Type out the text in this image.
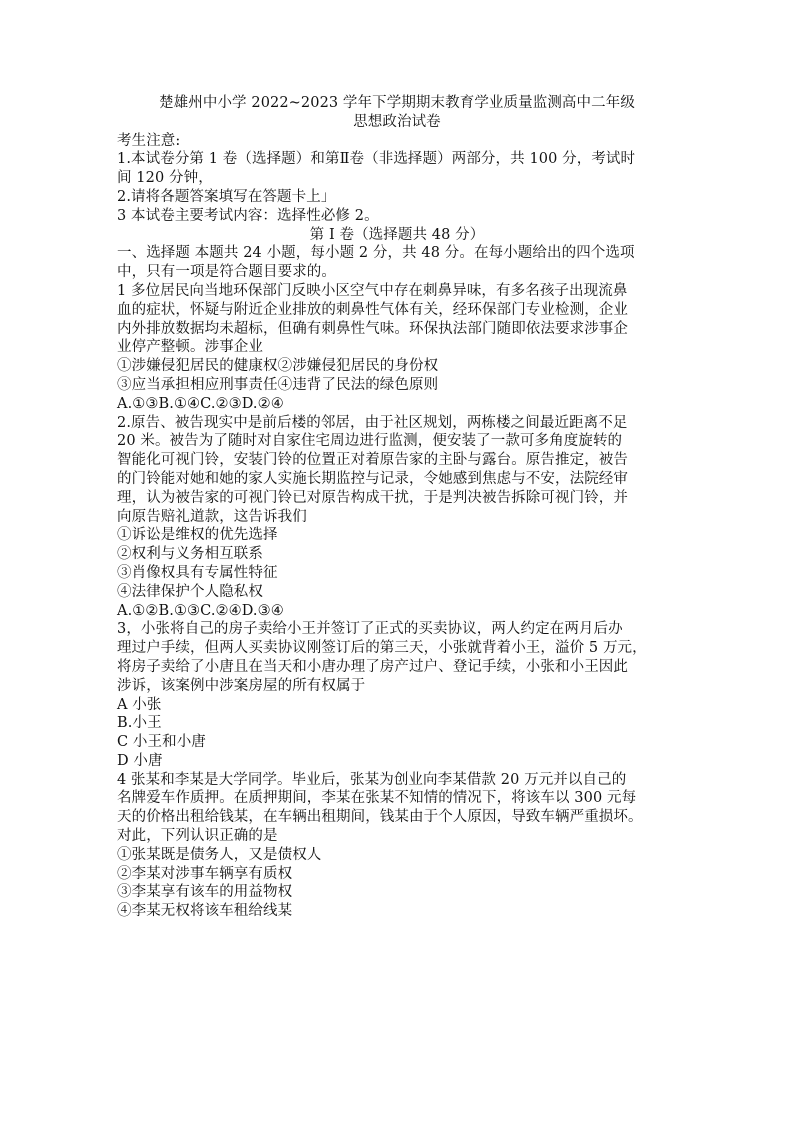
楚雄州中小学 2022~2023 学年下学期期末教育学业质量监测高中二年级
思想政治试卷
考生注意:
1.本试卷分第 1 卷（选择题）和第Ⅱ卷（非选择题）两部分，共 100 分，考试时
间 120 分钟，
2.请将各题答案填写在答题卡上」
3 本试卷主要考试内容：选择性必修 2。
第 I 卷（选择题共 48 分）
一、选择题 本题共 24 小题，每小题 2 分，共 48 分。在每小题给出的四个选项
中，只有一项是符合题目要求的。
1 多位居民向当地环保部门反映小区空气中存在刺鼻异味，有多名孩子出现流鼻
血的症状，怀疑与附近企业排放的刺鼻性气体有关，经环保部门专业检测，企业
内外排放数据均未超标，但确有刺鼻性气味。环保执法部门随即依法要求涉事企
业停产整顿。涉事企业
①涉嫌侵犯居民的健康权②涉嫌侵犯居民的身份权
③应当承担相应刑事责任④违背了民法的绿色原则
A.①③B.①④C.②③D.②④
2.原告、被告现实中是前后楼的邻居，由于社区规划，两栋楼之间最近距离不足
20 米。被告为了随时对自家住宅周边进行监测，便安装了一款可多角度旋转的
智能化可视门铃，安装门铃的位置正对着原告家的主卧与露台。原告推定，被告
的门铃能对她和她的家人实施长期监控与记录，令她感到焦虑与不安，法院经审
理，认为被告家的可视门铃已对原告构成干扰，于是判决被告拆除可视门铃，并
向原告赔礼道款，这告诉我们
①诉讼是维权的优先选择
②权利与义务相互联系
③肖像权具有专属性特征
④法律保护个人隐私权
A.①②B.①③C.②④D.③④
3，小张将自己的房子卖给小王并签订了正式的买卖协议，两人约定在两月后办
理过户手续，但两人买卖协议刚签订后的第三天，小张就背着小王，溢价 5 万元，
将房子卖给了小唐且在当天和小唐办理了房产过户、登记手续，小张和小王因此
涉诉，该案例中涉案房屋的所有权属于
A 小张
B.小王
C 小王和小唐
D 小唐
4 张某和李某是大学同学。毕业后，张某为创业向李某借款 20 万元并以自己的
名牌爱车作质押。在质押期间，李某在张某不知情的情况下，将该车以 300 元每
天的价格出租给钱某，在车辆出租期间，钱某由于个人原因，导致车辆严重损坏。
对此，下列认识正确的是
①张某既是债务人，又是债权人
②李某对涉事车辆享有质权
③李某享有该车的用益物权
④李某无权将该车租给线某
